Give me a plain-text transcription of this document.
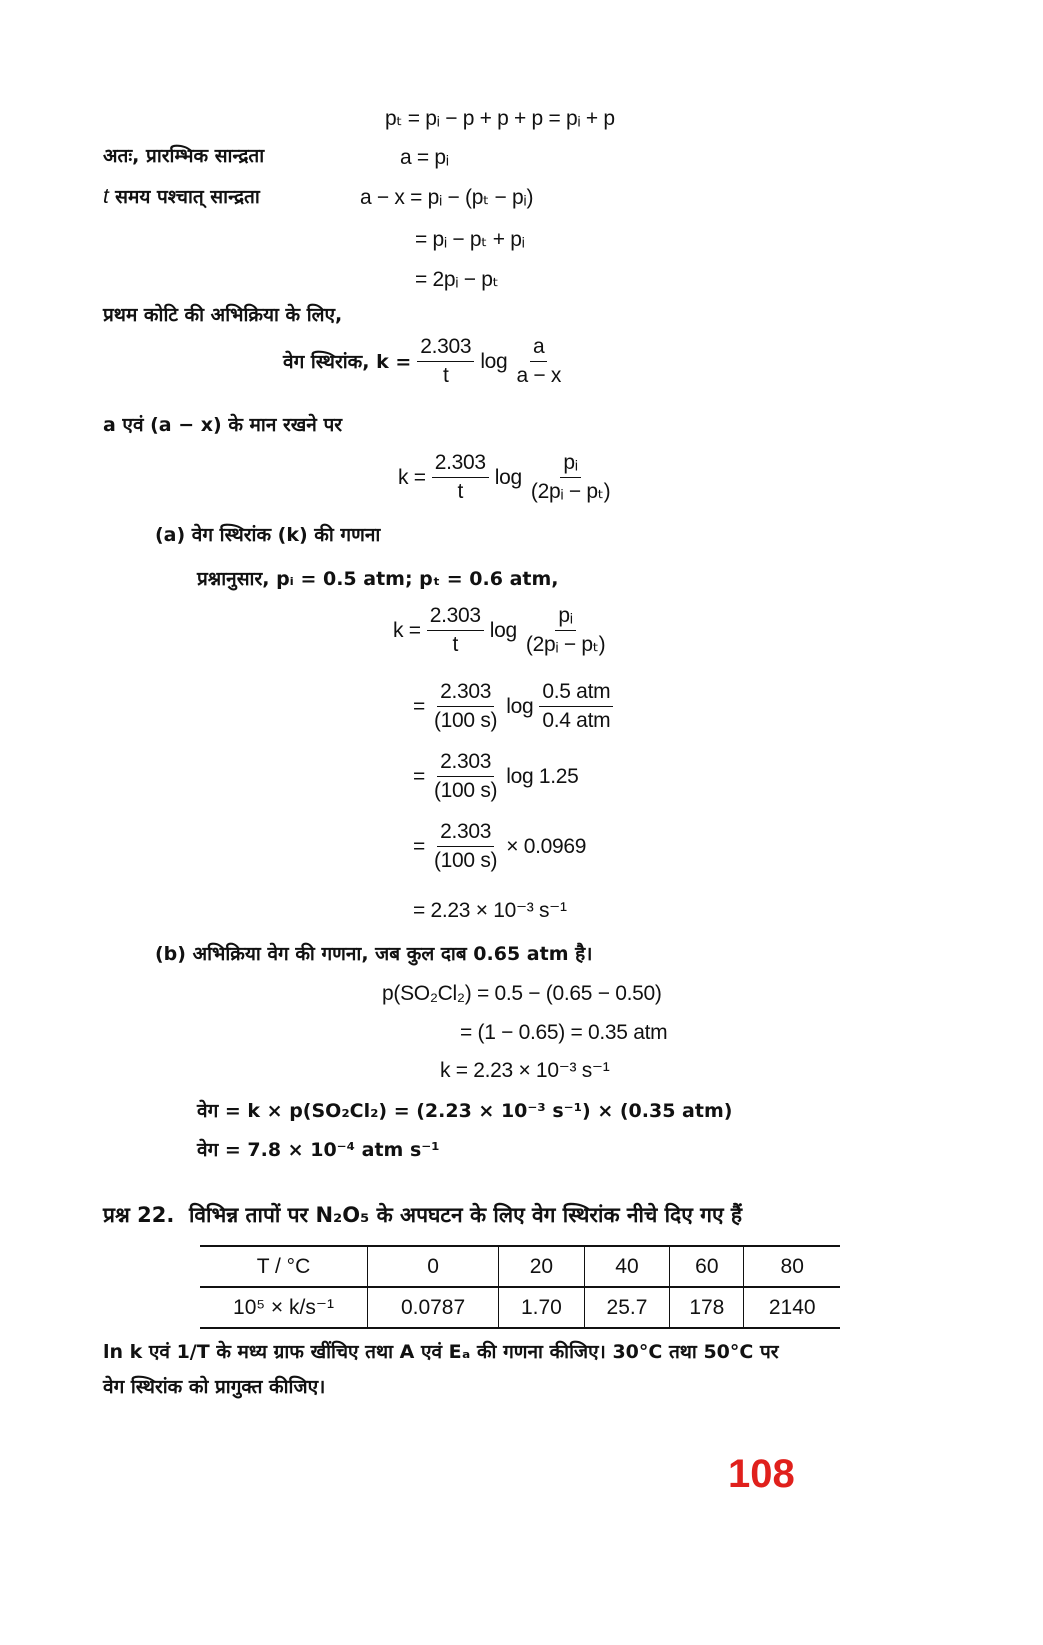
pₜ = pᵢ − p + p + p = pᵢ + p
अतः, प्रारम्भिक सान्द्रता	a = pᵢ
t समय पश्चात् सान्द्रता	a − x = pᵢ − (pₜ − pᵢ)
= pᵢ − pₜ + pᵢ
= 2pᵢ − pₜ
प्रथम कोटि की अभिक्रिया के लिए,
वेग स्थिरांक, $k = \frac{2.303}{t}$ $\log \frac{a}{a - x}$
a एवं (a − x) के मान रखने पर
$k = \frac{2.303}{t}$ $\log \frac{\text{pᵢ}}{\text{(2pᵢ − pₜ)}}$
(a) वेग स्थिरांक (k) की गणना
प्रश्नानुसार, pᵢ = 0.5 atm; pₜ = 0.6 atm,
$k = \frac{2.303}{t}$ $\log \frac{\text{pᵢ}}{\text{(2pᵢ − pₜ)}}$
= $\frac{2.303}{(100 s)}$ $\log \frac{\text{0.5 atm}}{\text{0.4 atm}}$
= $\frac{2.303}{(100 s)}$ log 1.25
= $\frac{2.303}{(100 s)} \times 0.0969$
= 2.23 × 10⁻³ s⁻¹
(b) अभिक्रिया वेग की गणना, जब कुल दाब 0.65 atm है।
p(SO₂Cl₂) = 0.5 − (0.65 − 0.50)
= (1 − 0.65) = 0.35 atm
k = 2.23 × 10⁻³ s⁻¹
वेग = k × p(SO₂Cl₂) = (2.23 × 10⁻³ s⁻¹) × (0.35 atm)
वेग = 7.8 × 10⁻⁴ atm s⁻¹
प्रश्न 22. विभिन्न तापों पर N₂O₅ के अपघटन के लिए वेग स्थिरांक नीचे दिए गए हैं
T / °C	0	20	40	60	80
10⁵ × k/s⁻¹	0.0787	1.70	25.7	178	2140
ln k एवं 1/T के मध्य ग्राफ खींचिए तथा A एवं Eₐ की गणना कीजिए। 30°C तथा 50°C पर
वेग स्थिरांक को प्रागुक्त कीजिए।
108
